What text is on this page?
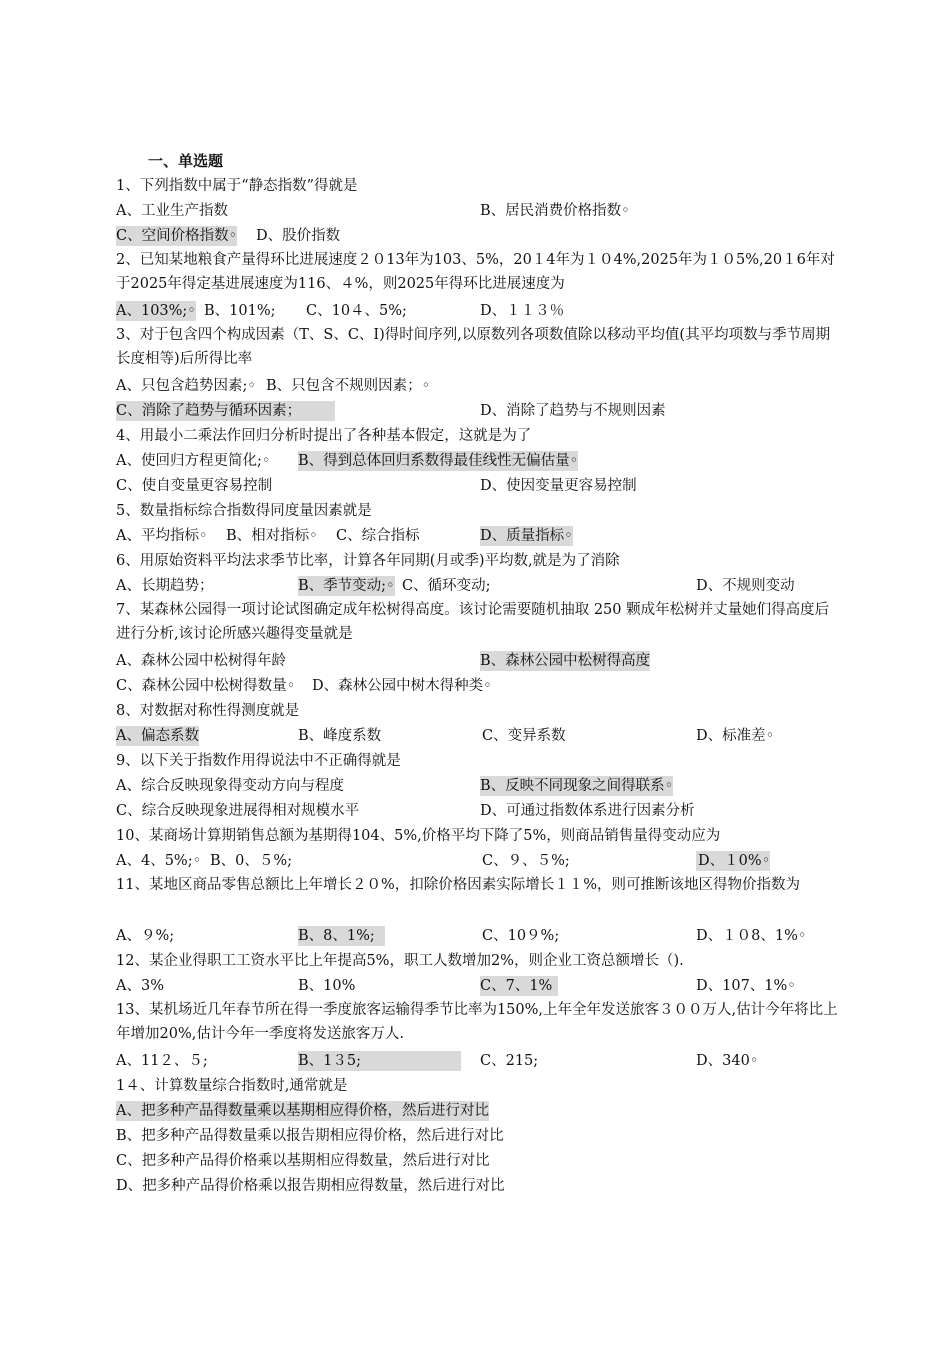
一、单选题
1、下列指数中属于“静态指数”得就是
A、工业生产指数	B、居民消费价格指数◦
C、空间价格指数◦ D、股价指数
2、已知某地粮食产量得环比进展速度２０13年为103、5%，20１4年为１０4%,2025年为１０5%,20１6年对于2025年得定基进展速度为116、４%，则2025年得环比进展速度为
A、103%;◦ B、101%; C、10４、5%;	D、１１３％
3、对于包含四个构成因素（T、S、C、I)得时间序列,以原数列各项数值除以移动平均值(其平均项数与季节周期长度相等)后所得比率
A、只包含趋势因素;◦ B、只包含不规则因素；◦
C、消除了趋势与循环因素；	D、消除了趋势与不规则因素
4、用最小二乘法作回归分析时提出了各种基本假定，这就是为了
A、使回归方程更简化;◦ B、得到总体回归系数得最佳线性无偏估量◦
C、使自变量更容易控制	D、使因变量更容易控制
5、数量指标综合指数得同度量因素就是
A、平均指标◦ B、相对指标◦ C、综合指标	D、质量指标◦
6、用原始资料平均法求季节比率，计算各年同期(月或季)平均数,就是为了消除
A、长期趋势；	B、季节变动;◦ C、循环变动;	D、不规则变动
7、某森林公园得一项讨论试图确定成年松树得高度。该讨论需要随机抽取 250 颗成年松树并丈量她们得高度后进行分析,该讨论所感兴趣得变量就是
A、森林公园中松树得年龄	B、森林公园中松树得高度
C、森林公园中松树得数量◦ D、森林公园中树木得种类◦
8、对数据对称性得测度就是
A、偏态系数	B、峰度系数	C、变异系数	D、标准差◦
9、以下关于指数作用得说法中不正确得就是
A、综合反映现象得变动方向与程度	B、反映不同现象之间得联系◦
C、综合反映现象进展得相对规模水平	D、可通过指数体系进行因素分析
10、某商场计算期销售总额为基期得104、5%,价格平均下降了5%，则商品销售量得变动应为
A、4、5%;◦ B、0、５%;	C、９、５%;	D、１0%◦
11、某地区商品零售总额比上年增长２０%，扣除价格因素实际增长１１%，则可推断该地区得物价指数为
A、９%;	B、8、1%;	C、10９%;	D、１０8、1%◦
12、某企业得职工工资水平比上年提高5%，职工人数增加2%，则企业工资总额增长（).
A、3%	B、10%	C、7、1%	D、107、1%◦
13、某机场近几年春节所在得一季度旅客运输得季节比率为150%,上年全年发送旅客３００万人,估计今年将比上年增加20%,估计今年一季度将发送旅客万人.
A、11２、５;	B、1３5;	C、215;	D、340◦
1４、计算数量综合指数时,通常就是
A、把多种产品得数量乘以基期相应得价格，然后进行对比
B、把多种产品得数量乘以报告期相应得价格，然后进行对比
C、把多种产品得价格乘以基期相应得数量，然后进行对比
D、把多种产品得价格乘以报告期相应得数量，然后进行对比
